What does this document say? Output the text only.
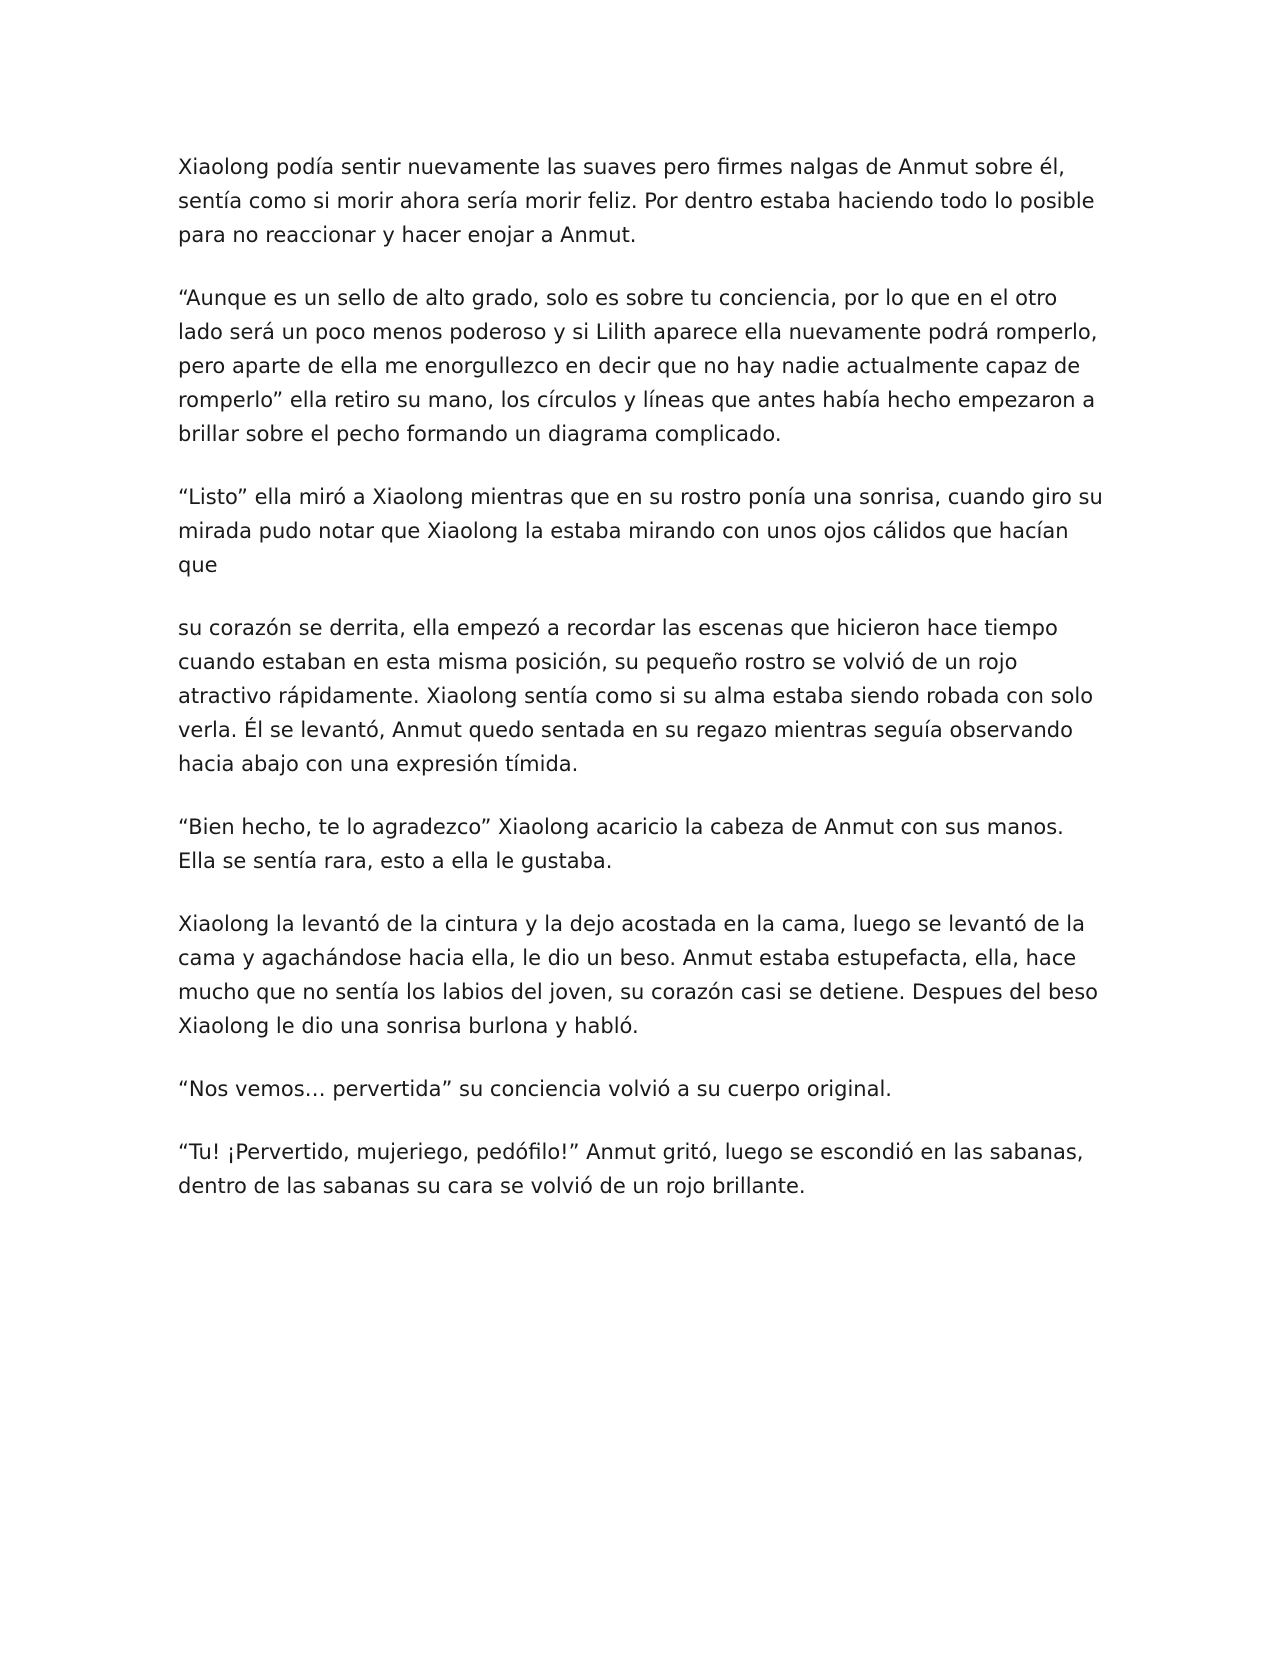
Xiaolong podía sentir nuevamente las suaves pero firmes nalgas de Anmut sobre él, sentía como si morir ahora sería morir feliz. Por dentro estaba haciendo todo lo posible para no reaccionar y hacer enojar a Anmut.

“Aunque es un sello de alto grado, solo es sobre tu conciencia, por lo que en el otro lado será un poco menos poderoso y si Lilith aparece ella nuevamente podrá romperlo, pero aparte de ella me enorgullezco en decir que no hay nadie actualmente capaz de romperlo” ella retiro su mano, los círculos y líneas que antes había hecho empezaron a brillar sobre el pecho formando un diagrama complicado.

“Listo” ella miró a Xiaolong mientras que en su rostro ponía una sonrisa, cuando giro su mirada pudo notar que Xiaolong la estaba mirando con unos ojos cálidos que hacían que

su corazón se derrita, ella empezó a recordar las escenas que hicieron hace tiempo cuando estaban en esta misma posición, su pequeño rostro se volvió de un rojo atractivo rápidamente. Xiaolong sentía como si su alma estaba siendo robada con solo verla. Él se levantó, Anmut quedo sentada en su regazo mientras seguía observando hacia abajo con una expresión tímida.

“Bien hecho, te lo agradezco” Xiaolong acaricio la cabeza de Anmut con sus manos. Ella se sentía rara, esto a ella le gustaba.

Xiaolong la levantó de la cintura y la dejo acostada en la cama, luego se levantó de la cama y agachándose hacia ella, le dio un beso. Anmut estaba estupefacta, ella, hace mucho que no sentía los labios del joven, su corazón casi se detiene. Despues del beso Xiaolong le dio una sonrisa burlona y habló.

“Nos vemos… pervertida” su conciencia volvió a su cuerpo original.

“Tu! ¡Pervertido, mujeriego, pedófilo!” Anmut gritó, luego se escondió en las sabanas, dentro de las sabanas su cara se volvió de un rojo brillante.
